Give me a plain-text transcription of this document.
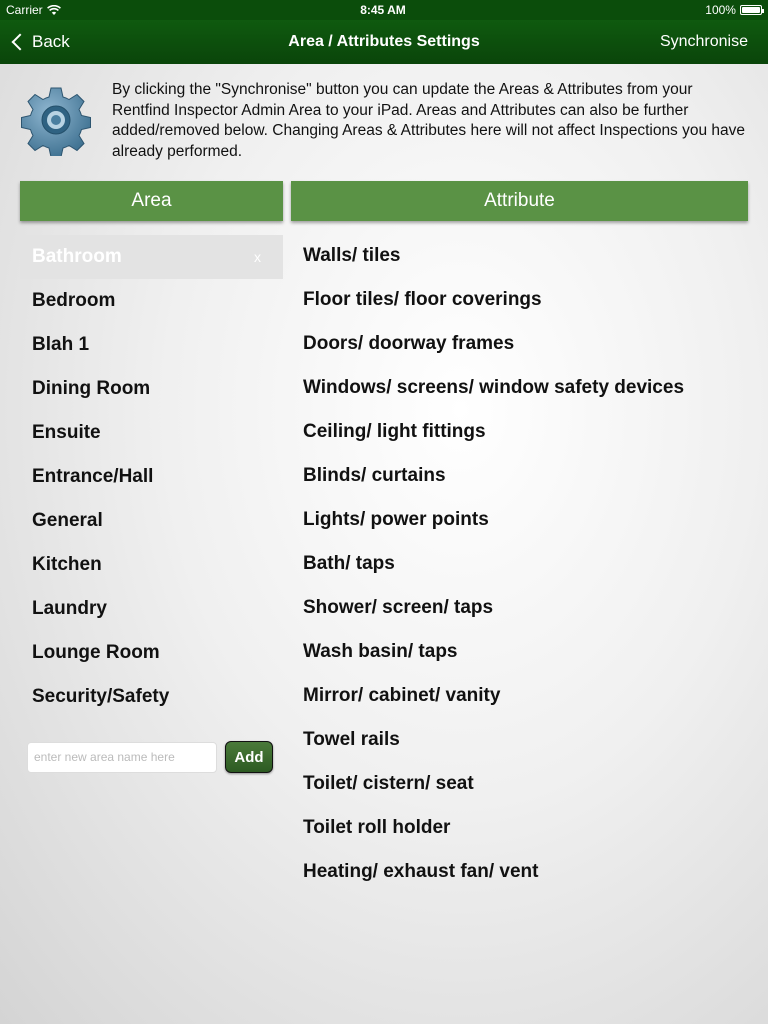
Carrier	8:45 AM	100%
Back	Area / Attributes Settings	Synchronise
By clicking the "Synchronise" button you can update the Areas & Attributes from your Rentfind Inspector Admin Area to your iPad. Areas and Attributes can also be further added/removed below. Changing Areas & Attributes here will not affect Inspections you have already performed.
Area	Attribute
Bathroom	x
Bedroom
Blah 1
Dining Room
Ensuite
Entrance/Hall
General
Kitchen
Laundry
Lounge Room
Security/Safety
Walls/ tiles
Floor tiles/ floor coverings
Doors/ doorway frames
Windows/ screens/ window safety devices
Ceiling/ light fittings
Blinds/ curtains
Lights/ power points
Bath/ taps
Shower/ screen/ taps
Wash basin/ taps
Mirror/ cabinet/ vanity
Towel rails
Toilet/ cistern/ seat
Toilet roll holder
Heating/ exhaust fan/ vent
enter new area name here
Add
